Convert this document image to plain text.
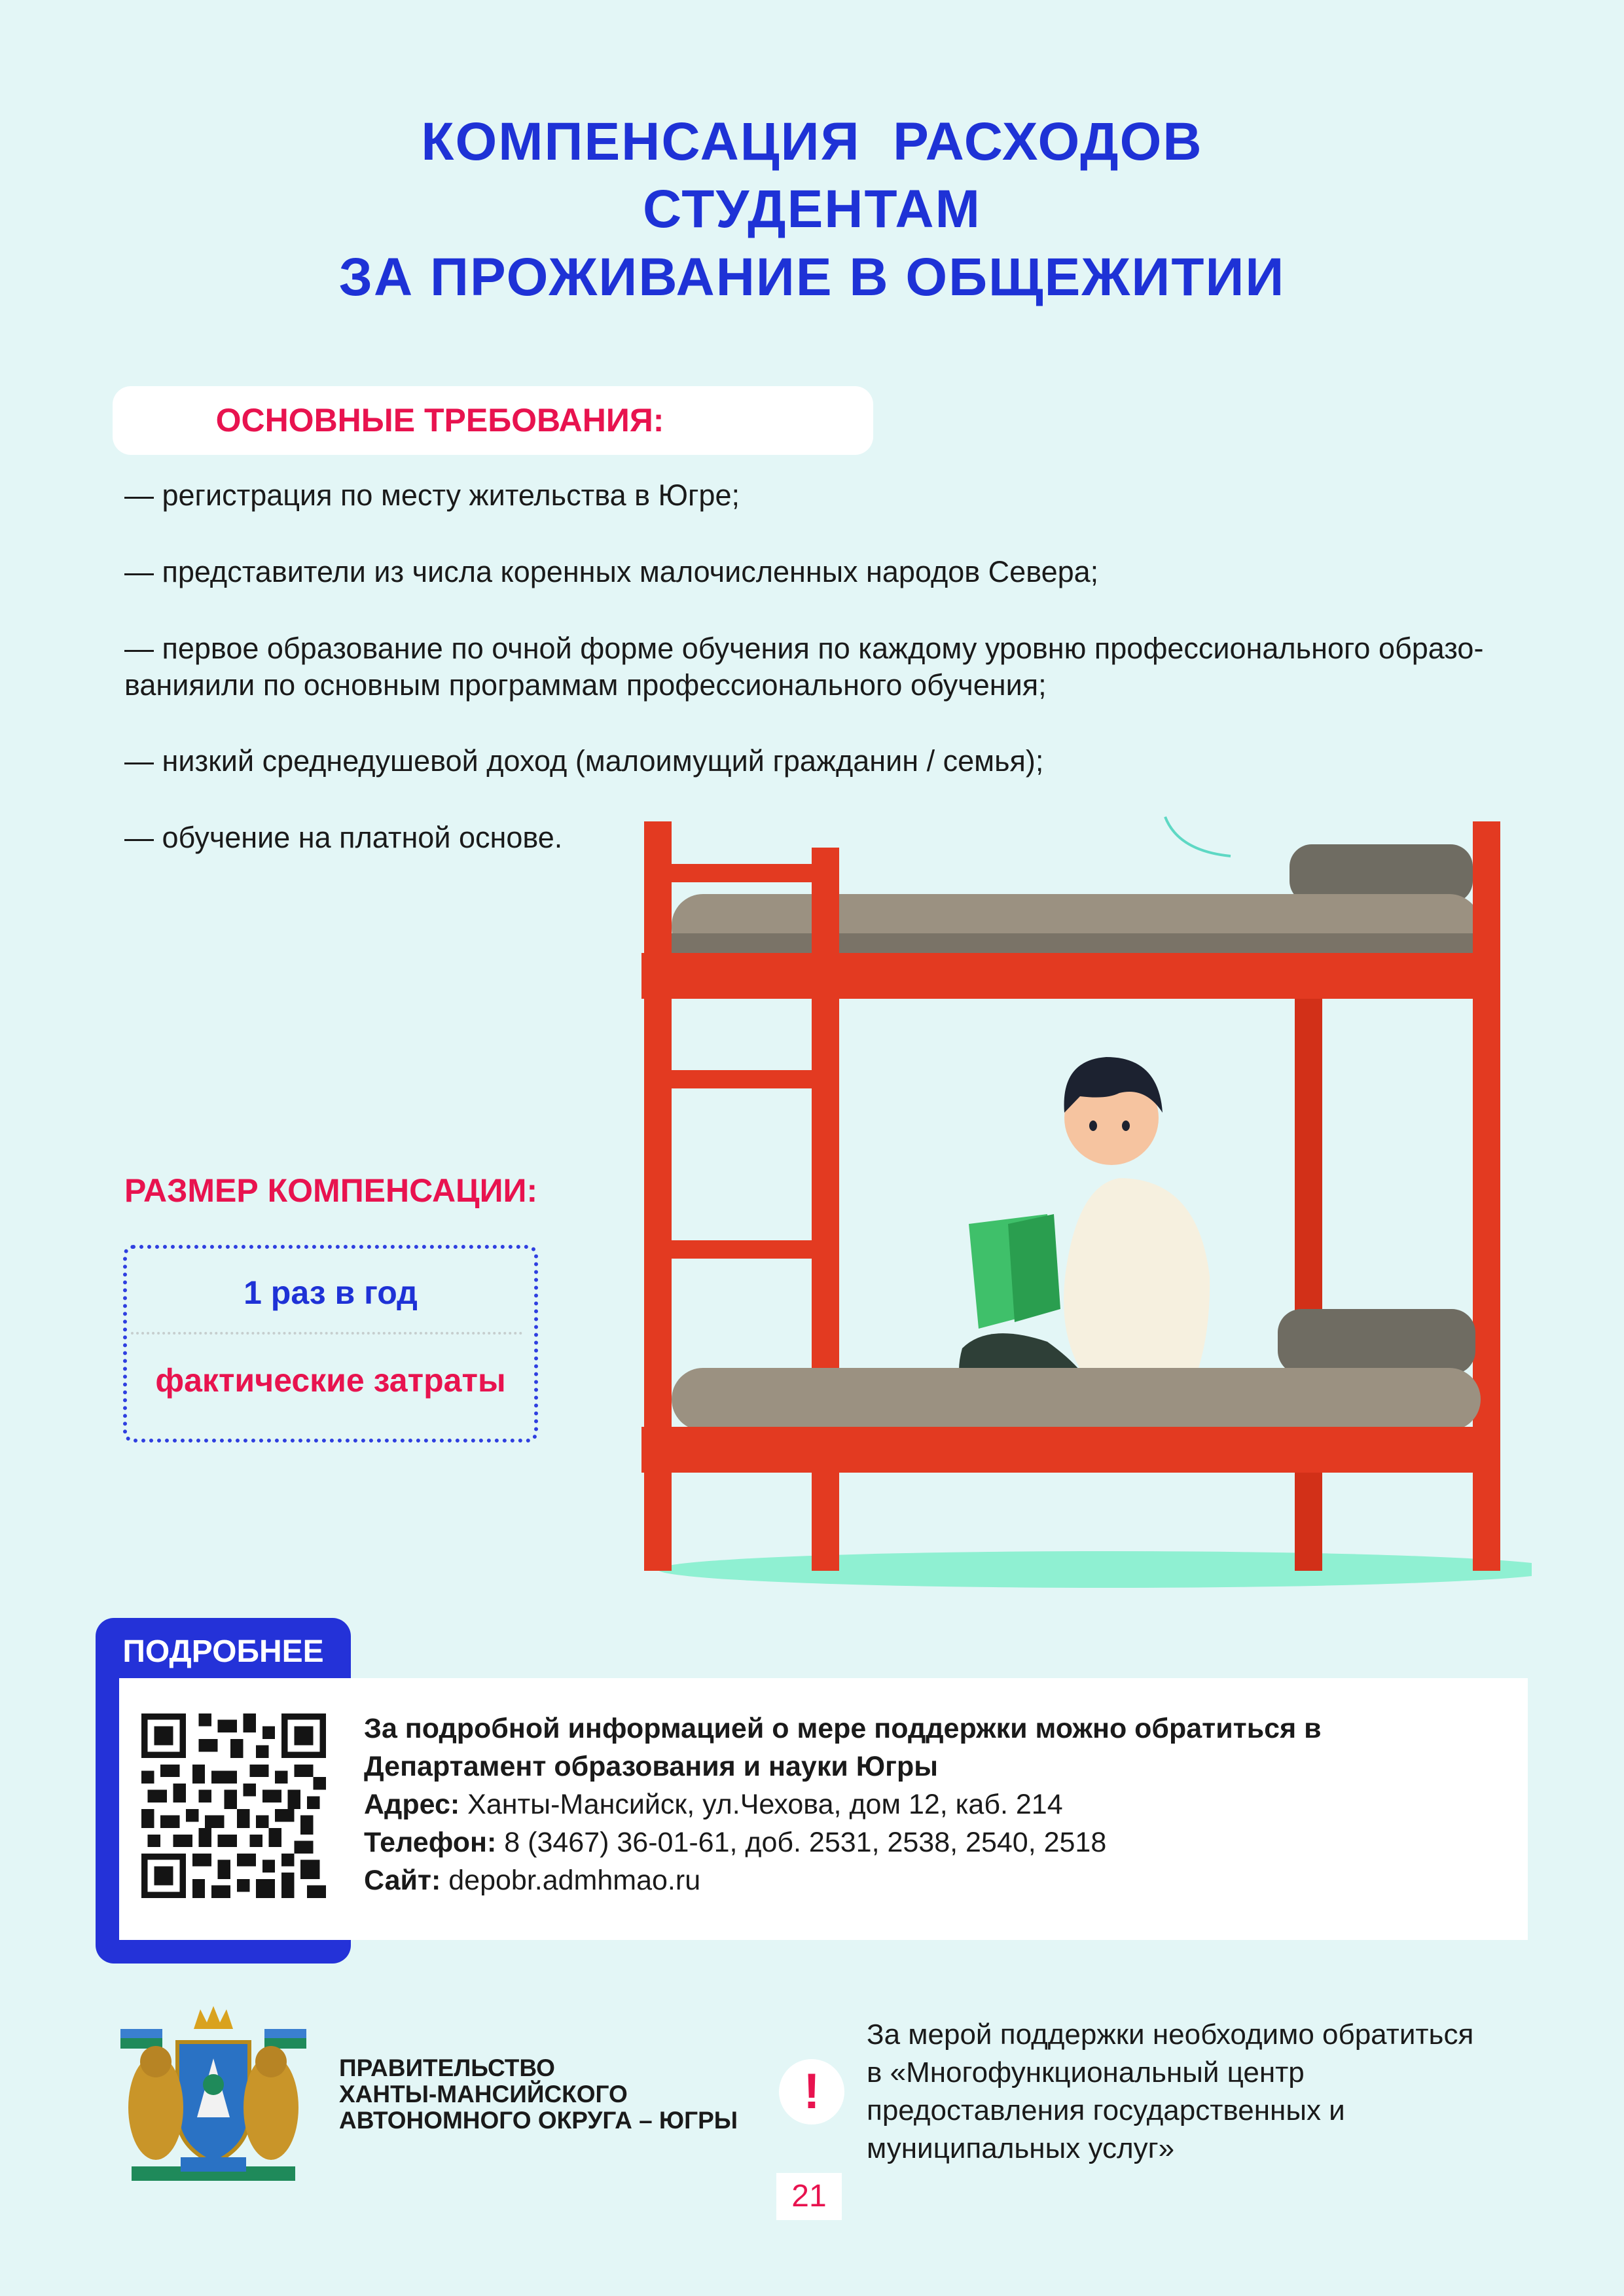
КОМПЕНСАЦИЯ  РАСХОДОВ
СТУДЕНТАМ
ЗА ПРОЖИВАНИЕ В ОБЩЕЖИТИИ
ОСНОВНЫЕ ТРЕБОВАНИЯ:
— регистрация по месту жительства в Югре;
— представители из числа коренных малочисленных народов Севера;
— первое образование по очной форме обучения по каждому уровню профессионального образо-
ванияили по основным программам профессионального обучения;
— низкий среднедушевой доход (малоимущий гражданин / семья);
— обучение на платной основе.
РАЗМЕР КОМПЕНСАЦИИ:
1 раз в год
фактические затраты
ПОДРОБНЕЕ
За подробной информацией о мере поддержки можно обратиться в
Департамент образования и науки Югры
Адрес: Ханты-Мансийск, ул.Чехова, дом 12, каб. 214
Телефон: 8 (3467) 36-01-61, доб. 2531, 2538, 2540, 2518
Сайт: depobr.admhmao.ru
ПРАВИТЕЛЬСТВО
ХАНТЫ-МАНСИЙСКОГО
АВТОНОМНОГО ОКРУГА – ЮГРЫ
!
За мерой поддержки необходимо обратиться
в «Многофункциональный центр
предоставления государственных и
муниципальных услуг»
21
